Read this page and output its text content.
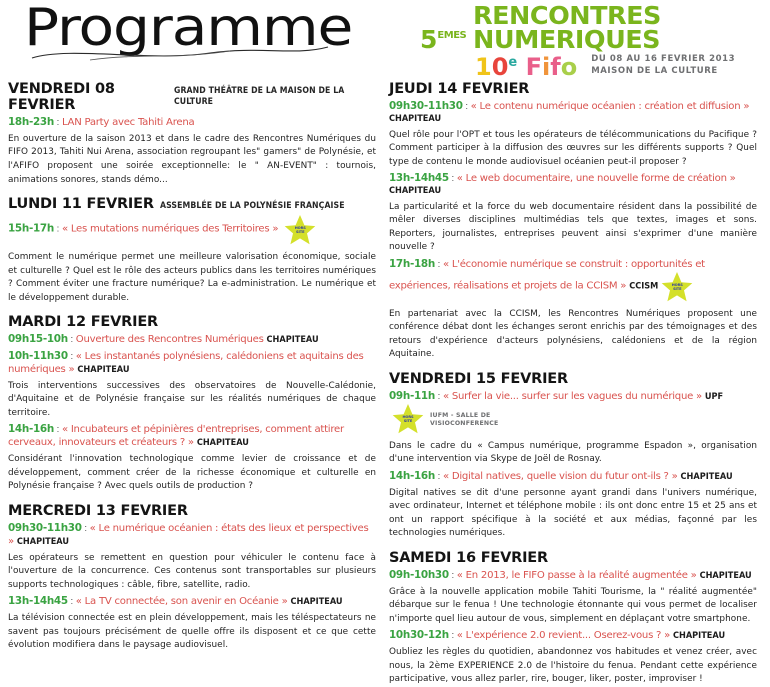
Programme	5 EMES
RENCONTRES NUMERIQUES
10e Fifo DU 08 AU 16 FEVRIER 2013
MAISON DE LA CULTURE
VENDREDI 08 FEVRIER
GRAND THÉÂTRE DE LA MAISON DE LA CULTURE
18h-23h : LAN Party avec Tahiti Arena
En ouverture de la saison 2013 et dans le cadre des Rencontres Numériques du FIFO 2013, Tahiti Nui Arena, association regroupant les" gamers" de Polynésie, et l'AFIFO proposent une soirée exceptionnelle: le " AN-EVENT" : tournois, animations sonores, stands démo...
LUNDI 11 FEVRIER ASSEMBLÉE DE LA POLYNÉSIE FRANÇAISE
15h-17h : « Les mutations numériques des Territoires »	HORS
SITE
Comment le numérique permet une meilleure valorisation économique, sociale et culturelle ? Quel est le rôle des acteurs publics dans les territoires numériques ? Comment éviter une fracture numérique? La e-administration. Le numérique et le développement durable.
MARDI 12 FEVRIER
09h15-10h : Ouverture des Rencontres Numériques CHAPITEAU
10h-11h30 : « Les instantanés polynésiens, calédoniens et aquitains des numériques » CHAPITEAU
Trois interventions successives des observatoires de Nouvelle-Calédonie, d'Aquitaine et de Polynésie française sur les réalités numériques de chaque territoire.
14h-16h : « Incubateurs et pépinières d'entreprises, comment attirer cerveaux, innovateurs et créateurs ? » CHAPITEAU
Considérant l'innovation technologique comme levier de croissance et de développement, comment créer de la richesse économique et culturelle en Polynésie française ? Avec quels outils de production ?
MERCREDI 13 FEVRIER
09h30-11h30 : « Le numérique océanien : états des lieux et perspectives » CHAPITEAU
Les opérateurs se remettent en question pour véhiculer le contenu face à l'ouverture de la concurrence. Ces contenus sont transportables sur plusieurs supports technologiques : câble, fibre, satellite, radio.
13h-14h45 : « La TV connectée, son avenir en Océanie » CHAPITEAU
La télévision connectée est en plein développement, mais les téléspectateurs ne savent pas toujours précisément de quelle offre ils disposent et ce que cette évolution modifiera dans le paysage audiovisuel.
JEUDI 14 FEVRIER
09h30-11h30 : « Le contenu numérique océanien : création et diffusion » CHAPITEAU
Quel rôle pour l'OPT et tous les opérateurs de télécommunications du Pacifique ? Comment participer à la diffusion des œuvres sur les différents supports ? Quel type de contenu le monde audiovisuel océanien peut-il proposer ?
13h-14h45 : « Le web documentaire, une nouvelle forme de création » CHAPITEAU
La particularité et la force du web documentaire résident dans la possibilité de mêler diverses disciplines multimédias tels que textes, images et sons. Reporters, journalistes, entreprises peuvent ainsi s'exprimer d'une manière nouvelle ?
17h-18h : « L'économie numérique se construit : opportunités et expériences, réalisations et projets de la CCISM » CCISM	HORS
SITE
En partenariat avec la CCISM, les Rencontres Numériques proposent une conférence débat dont les échanges seront enrichis par des témoignages et des retours d'expérience d'acteurs polynésiens, calédoniens et de la région Aquitaine.
VENDREDI 15 FEVRIER
09h-11h : « Surfer la vie... surfer sur les vagues du numérique » UPF
HORS
SITE
IUFM - SALLE DE
VISIOCONFERENCE
Dans le cadre du « Campus numérique, programme Espadon », organisation d'une intervention via Skype de Joël de Rosnay.
14h-16h : « Digital natives, quelle vision du futur ont-ils ? » CHAPITEAU
Digital natives se dit d'une personne ayant grandi dans l'univers numérique, avec ordinateur, Internet et téléphone mobile : ils ont donc entre 15 et 25 ans et ont un rapport spécifique à la société et aux médias, façonné par les technologies numériques.
SAMEDI 16 FEVRIER
09h-10h30 : « En 2013, le FIFO passe à la réalité augmentée » CHAPITEAU
Grâce à la nouvelle application mobile Tahiti Tourisme, la " réalité augmentée" débarque sur le fenua ! Une technologie étonnante qui vous permet de localiser n'importe quel lieu autour de vous, simplement en déplaçant votre smartphone.
10h30-12h : « L'expérience 2.0 revient... Oserez-vous ? » CHAPITEAU
Oubliez les règles du quotidien, abandonnez vos habitudes et venez créer, avec nous, la 2ème EXPERIENCE 2.0 de l'histoire du fenua. Pendant cette expérience participative, vous allez parler, rire, bouger, liker, poster, improviser !
